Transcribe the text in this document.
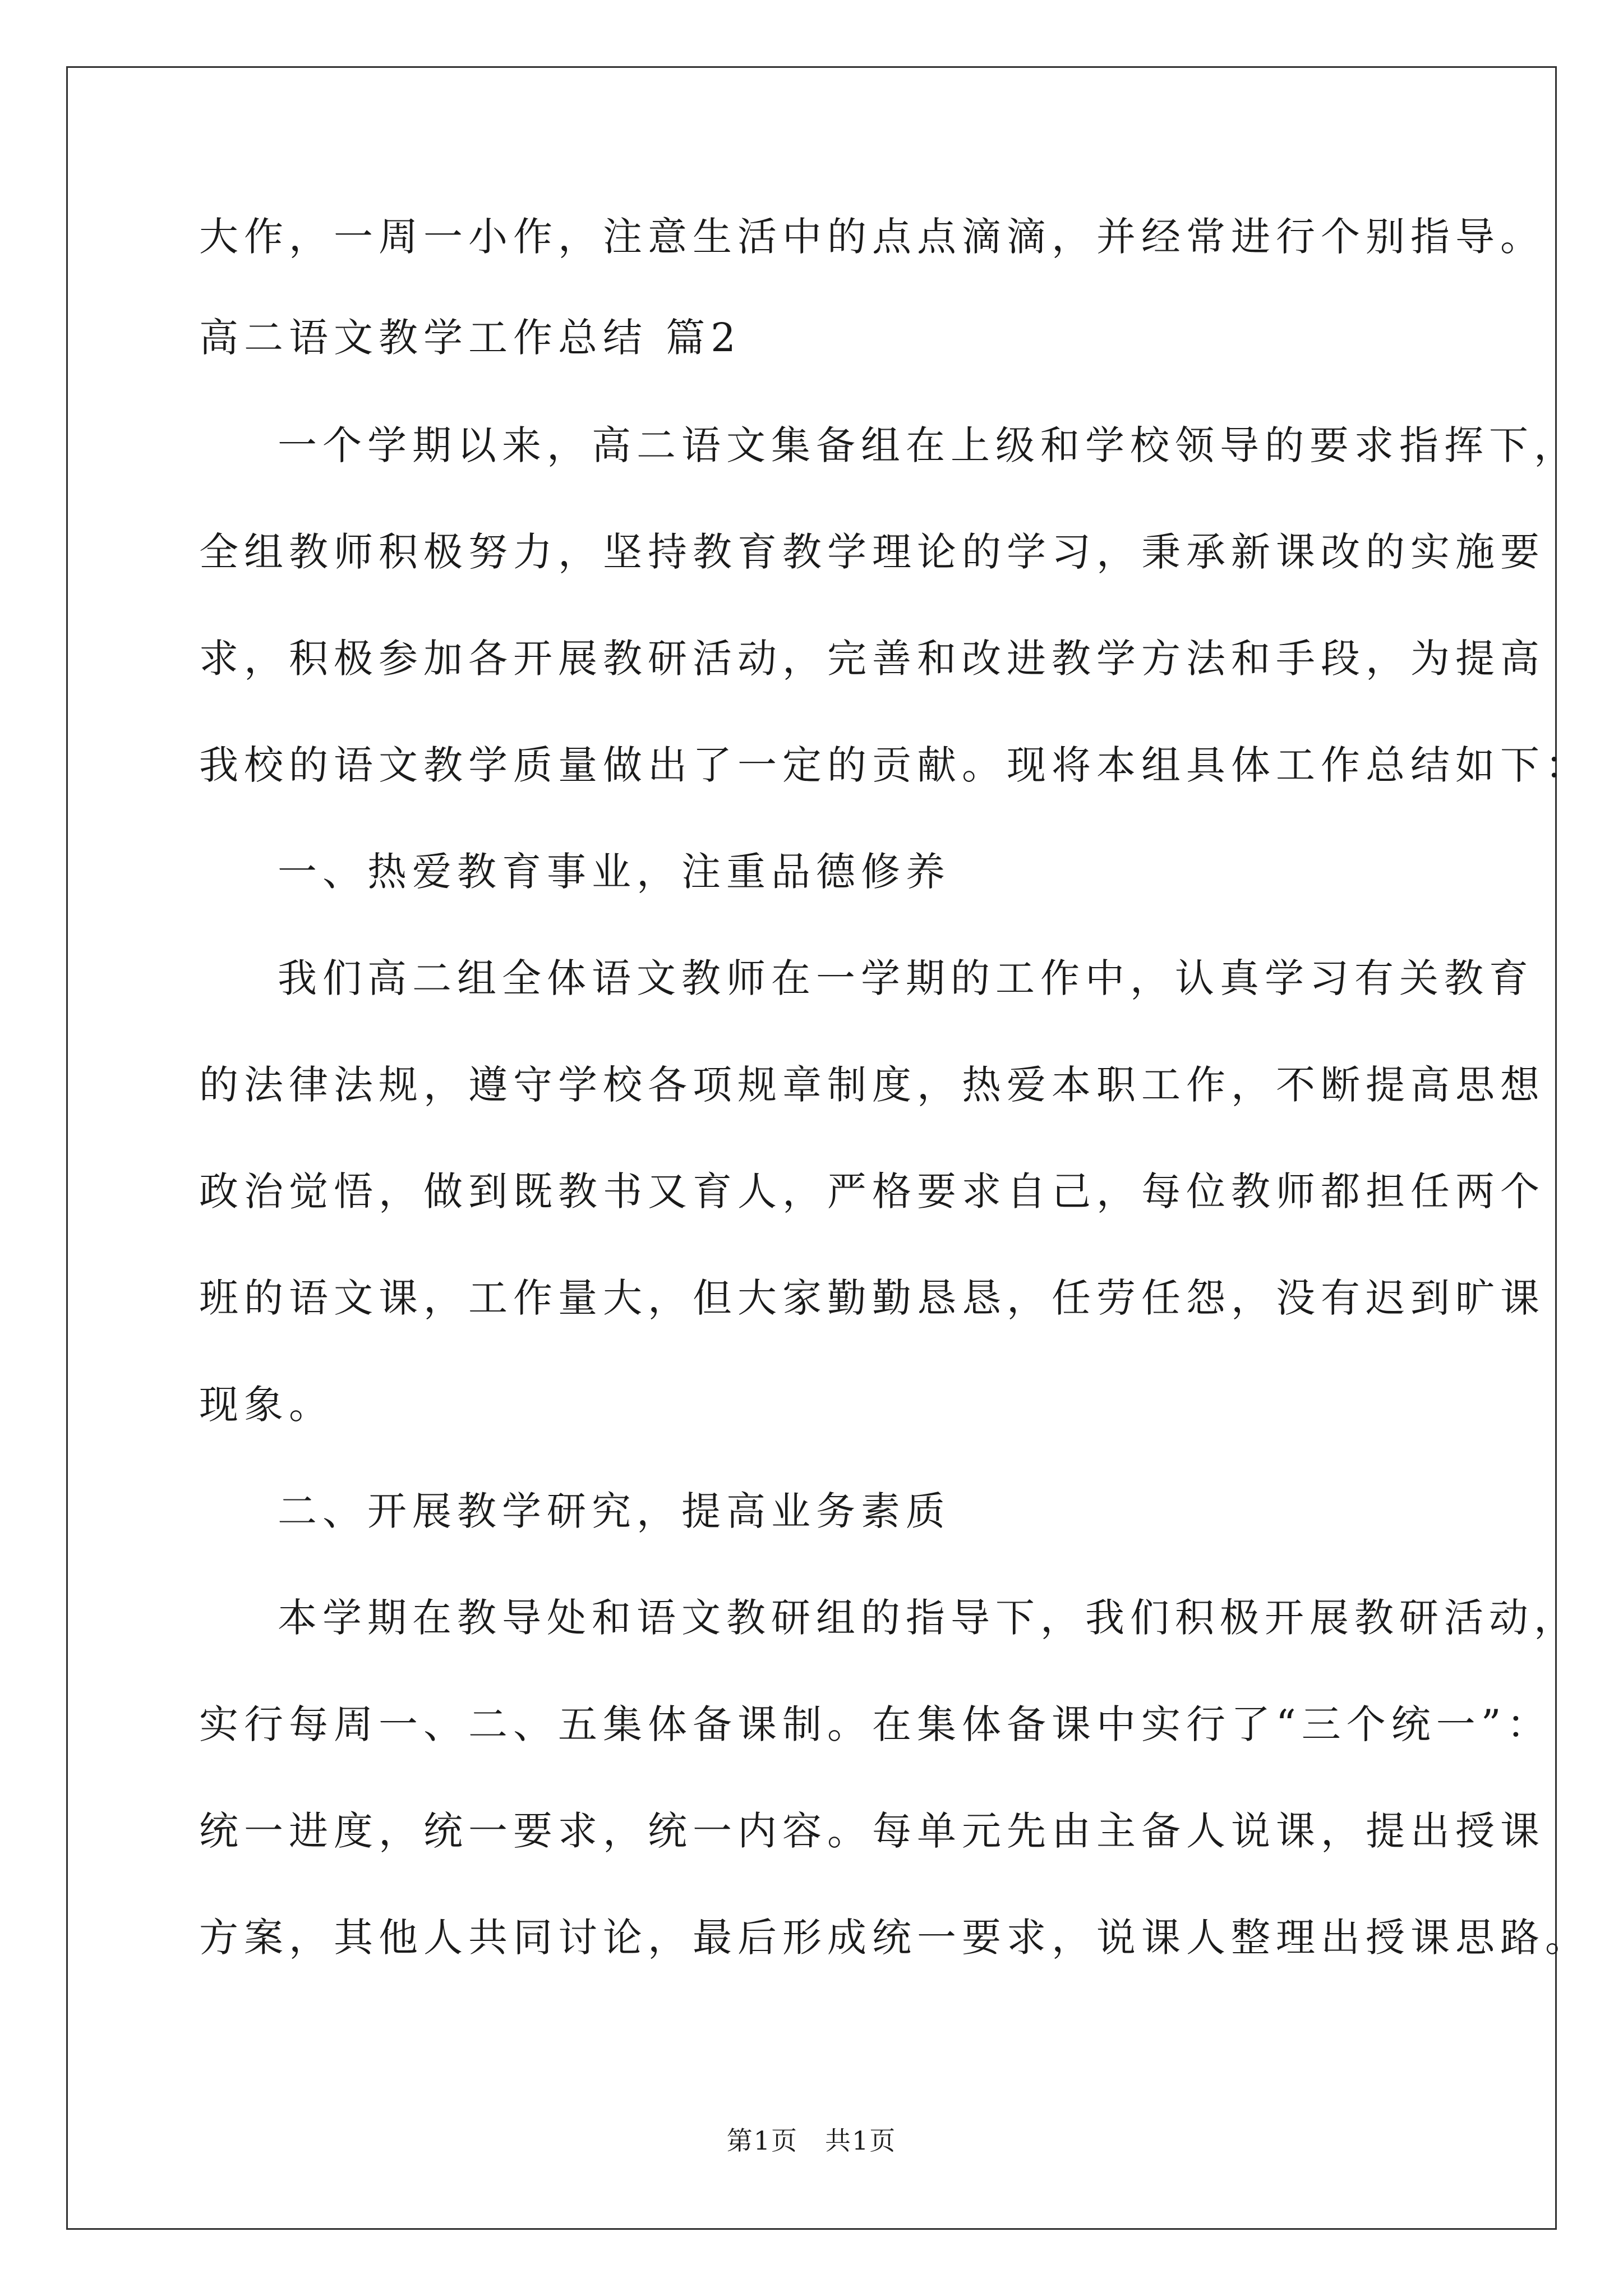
大作，一周一小作，注意生活中的点点滴滴，并经常进行个别指导。
高二语文教学工作总结 篇2
一个学期以来，高二语文集备组在上级和学校领导的要求指挥下，
全组教师积极努力，坚持教育教学理论的学习，秉承新课改的实施要
求，积极参加各开展教研活动，完善和改进教学方法和手段，为提高
我校的语文教学质量做出了一定的贡献。现将本组具体工作总结如下：
一、热爱教育事业，注重品德修养
我们高二组全体语文教师在一学期的工作中，认真学习有关教育
的法律法规，遵守学校各项规章制度，热爱本职工作，不断提高思想
政治觉悟，做到既教书又育人，严格要求自己，每位教师都担任两个
班的语文课，工作量大，但大家勤勤恳恳，任劳任怨，没有迟到旷课
现象。
二、开展教学研究，提高业务素质
本学期在教导处和语文教研组的指导下，我们积极开展教研活动，
实行每周一、二、五集体备课制。在集体备课中实行了“三个统一”：
统一进度，统一要求，统一内容。每单元先由主备人说课，提出授课
方案，其他人共同讨论，最后形成统一要求，说课人整理出授课思路。
第1页　共1页
